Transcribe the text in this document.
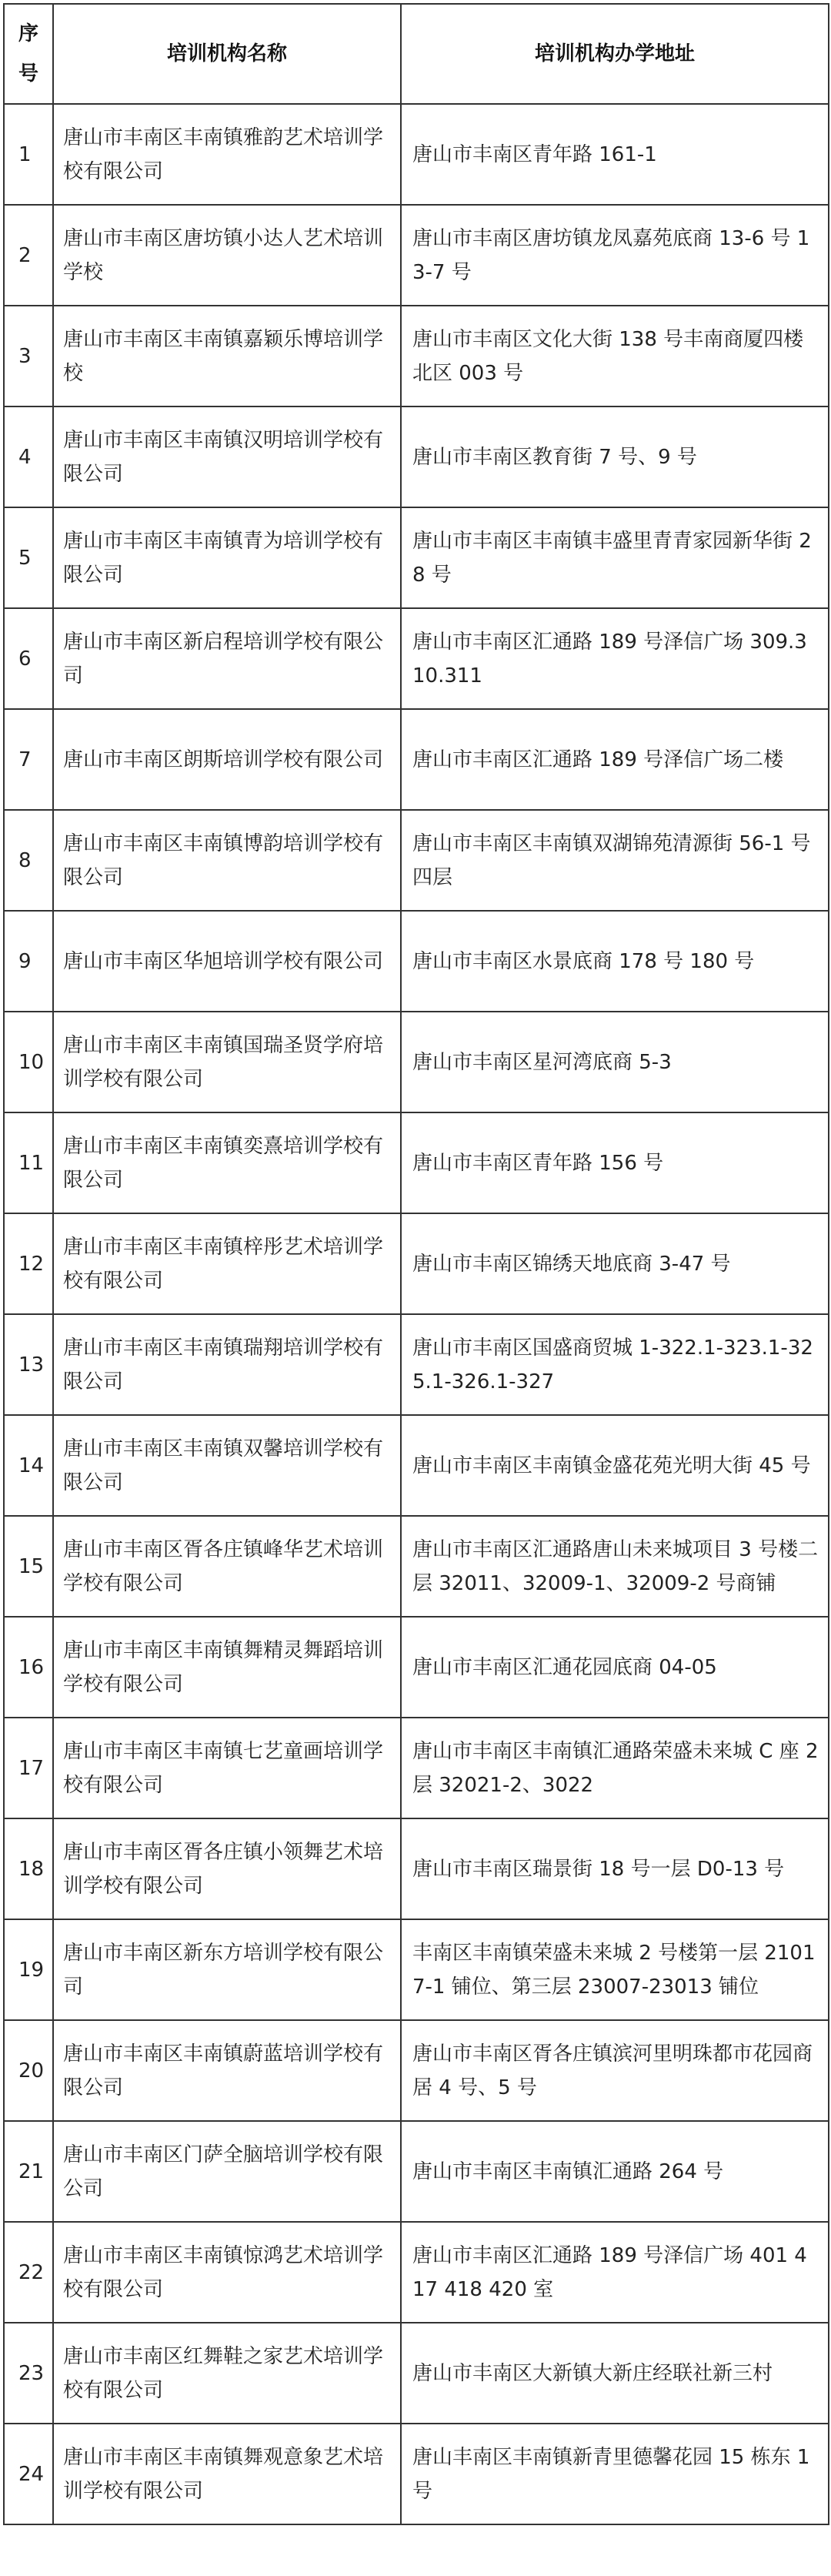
序号	培训机构名称	培训机构办学地址
1	唐山市丰南区丰南镇雅韵艺术培训学校有限公司	唐山市丰南区青年路 161-1
2	唐山市丰南区唐坊镇小达人艺术培训学校	唐山市丰南区唐坊镇龙凤嘉苑底商 13-6 号 13-7 号
3	唐山市丰南区丰南镇嘉颖乐博培训学校	唐山市丰南区文化大街 138 号丰南商厦四楼北区 003 号
4	唐山市丰南区丰南镇汉明培训学校有限公司	唐山市丰南区教育街 7 号、9 号
5	唐山市丰南区丰南镇青为培训学校有限公司	唐山市丰南区丰南镇丰盛里青青家园新华街 28 号
6	唐山市丰南区新启程培训学校有限公司	唐山市丰南区汇通路 189 号泽信广场 309.310.311
7	唐山市丰南区朗斯培训学校有限公司	唐山市丰南区汇通路 189 号泽信广场二楼
8	唐山市丰南区丰南镇博韵培训学校有限公司	唐山市丰南区丰南镇双湖锦苑清源街 56-1 号四层
9	唐山市丰南区华旭培训学校有限公司	唐山市丰南区水景底商 178 号 180 号
10	唐山市丰南区丰南镇国瑞圣贤学府培训学校有限公司	唐山市丰南区星河湾底商 5-3
11	唐山市丰南区丰南镇奕熹培训学校有限公司	唐山市丰南区青年路 156 号
12	唐山市丰南区丰南镇梓彤艺术培训学校有限公司	唐山市丰南区锦绣天地底商 3-47 号
13	唐山市丰南区丰南镇瑞翔培训学校有限公司	唐山市丰南区国盛商贸城 1-322.1-323.1-325.1-326.1-327
14	唐山市丰南区丰南镇双馨培训学校有限公司	唐山市丰南区丰南镇金盛花苑光明大街 45 号
15	唐山市丰南区胥各庄镇峰华艺术培训学校有限公司	唐山市丰南区汇通路唐山未来城项目 3 号楼二层 32011、32009-1、32009-2 号商铺
16	唐山市丰南区丰南镇舞精灵舞蹈培训学校有限公司	唐山市丰南区汇通花园底商 04-05
17	唐山市丰南区丰南镇七艺童画培训学校有限公司	唐山市丰南区丰南镇汇通路荣盛未来城 C 座 2 层 32021-2、3022
18	唐山市丰南区胥各庄镇小领舞艺术培训学校有限公司	唐山市丰南区瑞景街 18 号一层 D0-13 号
19	唐山市丰南区新东方培训学校有限公司	丰南区丰南镇荣盛未来城 2 号楼第一层 21017-1 铺位、第三层 23007-23013 铺位
20	唐山市丰南区丰南镇蔚蓝培训学校有限公司	唐山市丰南区胥各庄镇滨河里明珠都市花园商居 4 号、5 号
21	唐山市丰南区门萨全脑培训学校有限公司	唐山市丰南区丰南镇汇通路 264 号
22	唐山市丰南区丰南镇惊鸿艺术培训学校有限公司	唐山市丰南区汇通路 189 号泽信广场 401 417 418 420 室
23	唐山市丰南区红舞鞋之家艺术培训学校有限公司	唐山市丰南区大新镇大新庄经联社新三村
24	唐山市丰南区丰南镇舞观意象艺术培训学校有限公司	唐山丰南区丰南镇新青里德馨花园 15 栋东 1 号
